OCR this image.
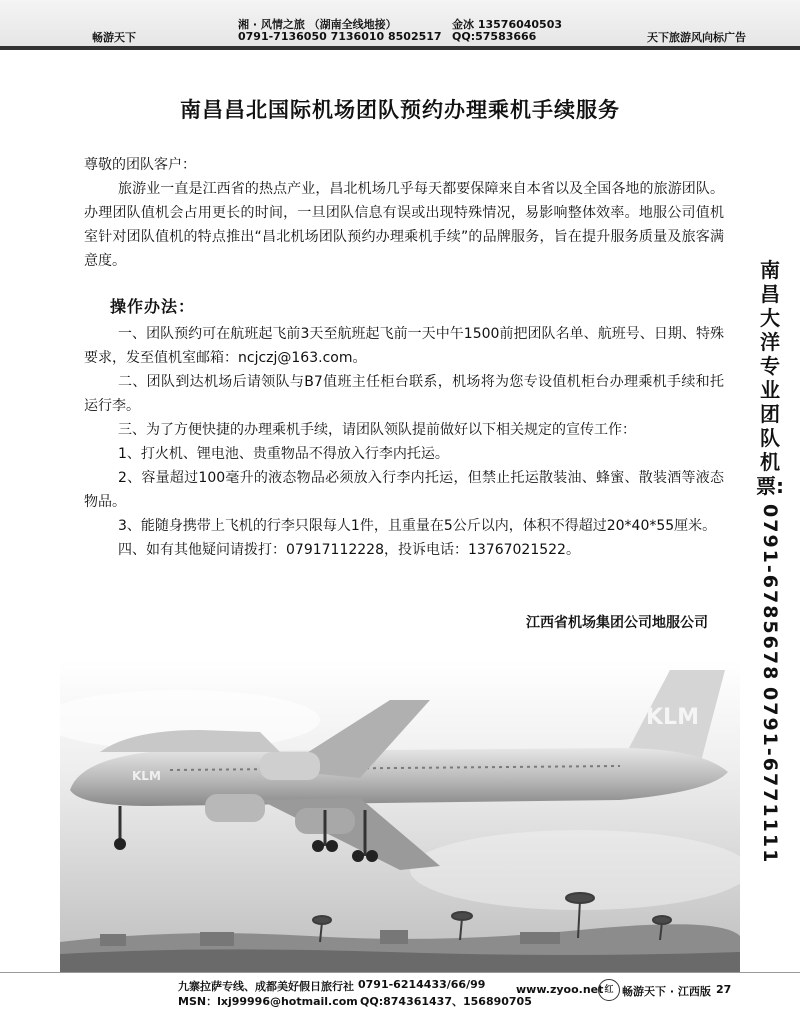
湘 · 风情之旅 （湖南全线地接）
0791-7136050 7136010 8502517
金冰 13576040503
QQ:57583666
畅游天下	天下旅游风向标广告
南昌昌北国际机场团队预约办理乘机手续服务
尊敬的团队客户：
旅游业一直是江西省的热点产业，昌北机场几乎每天都要保障来自本省以及全国各地的旅游团队。办理团队值机会占用更长的时间，一旦团队信息有误或出现特殊情况，易影响整体效率。地服公司值机室针对团队值机的特点推出“昌北机场团队预约办理乘机手续”的品牌服务，旨在提升服务质量及旅客满意度。
操作办法：

一、团队预约可在航班起飞前3天至航班起飞前一天中午1500前把团队名单、航班号、日期、特殊要求，发至值机室邮箱：ncjczj@163.com。

二、团队到达机场后请领队与B7值班主任柜台联系，机场将为您专设值机柜台办理乘机手续和托运行李。

三、为了方便快捷的办理乘机手续，请团队领队提前做好以下相关规定的宣传工作：

1、打火机、锂电池、贵重物品不得放入行李内托运。

2、容量超过100毫升的液态物品必须放入行李内托运，但禁止托运散装油、蜂蜜、散装酒等液态物品。

3、能随身携带上飞机的行李只限每人1件，且重量在5公斤以内，体积不得超过20*40*55厘米。

四、如有其他疑问请拨打：07917112228，投诉电话：13767021522。

江西省机场集团公司地服公司
KLM
KLM
南昌大洋专业团队机票:
0791-6785678
0791-6771111
九寨拉萨专线、成都美好假日旅行社
MSN：lxj99996@hotmail.com
0791-6214433/66/99
QQ:874361437、156890705
www.zyoo.net 红 畅游天下 · 江西版 27
